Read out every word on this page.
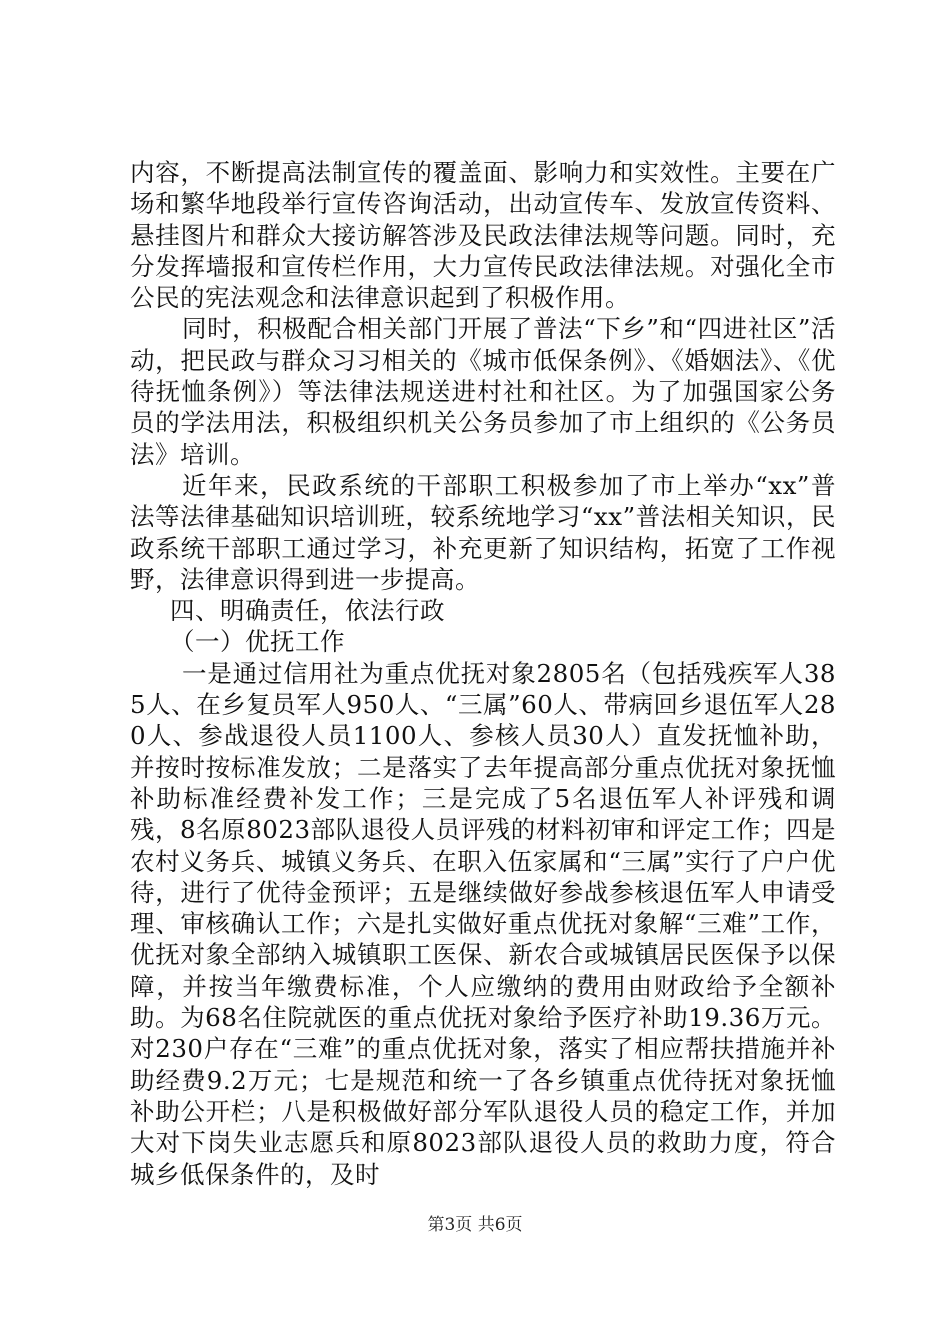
内容，不断提高法制宣传的覆盖面、影响力和实效性。主要在广场和繁华地段举行宣传咨询活动，出动宣传车、发放宣传资料、悬挂图片和群众大接访解答涉及民政法律法规等问题。同时，充分发挥墙报和宣传栏作用，大力宣传民政法律法规。对强化全市公民的宪法观念和法律意识起到了积极作用。

同时，积极配合相关部门开展了普法“下乡”和“四进社区”活动，把民政与群众习习相关的《城市低保条例》、《婚姻法》、《优待抚恤条例》）等法律法规送进村社和社区。为了加强国家公务员的学法用法，积极组织机关公务员参加了市上组织的《公务员法》培训。

近年来，民政系统的干部职工积极参加了市上举办“xx”普法等法律基础知识培训班，较系统地学习“xx”普法相关知识，民政系统干部职工通过学习，补充更新了知识结构，拓宽了工作视野，法律意识得到进一步提高。

四、明确责任，依法行政

（一）优抚工作

一是通过信用社为重点优抚对象2805名（包括残疾军人385人、在乡复员军人950人、“三属”60人、带病回乡退伍军人280人、参战退役人员1100人、参核人员30人）直发抚恤补助，并按时按标准发放；二是落实了去年提高部分重点优抚对象抚恤补助标准经费补发工作；三是完成了5名退伍军人补评残和调残，8名原8023部队退役人员评残的材料初审和评定工作；四是农村义务兵、城镇义务兵、在职入伍家属和“三属”实行了户户优待，进行了优待金预评；五是继续做好参战参核退伍军人申请受理、审核确认工作；六是扎实做好重点优抚对象解“三难”工作，优抚对象全部纳入城镇职工医保、新农合或城镇居民医保予以保障，并按当年缴费标准，个人应缴纳的费用由财政给予全额补助。为68名住院就医的重点优抚对象给予医疗补助19.36万元。对230户存在“三难”的重点优抚对象，落实了相应帮扶措施并补助经费9.2万元；七是规范和统一了各乡镇重点优待抚对象抚恤补助公开栏；八是积极做好部分军队退役人员的稳定工作，并加大对下岗失业志愿兵和原8023部队退役人员的救助力度，符合城乡低保条件的，及时

第3页 共6页
